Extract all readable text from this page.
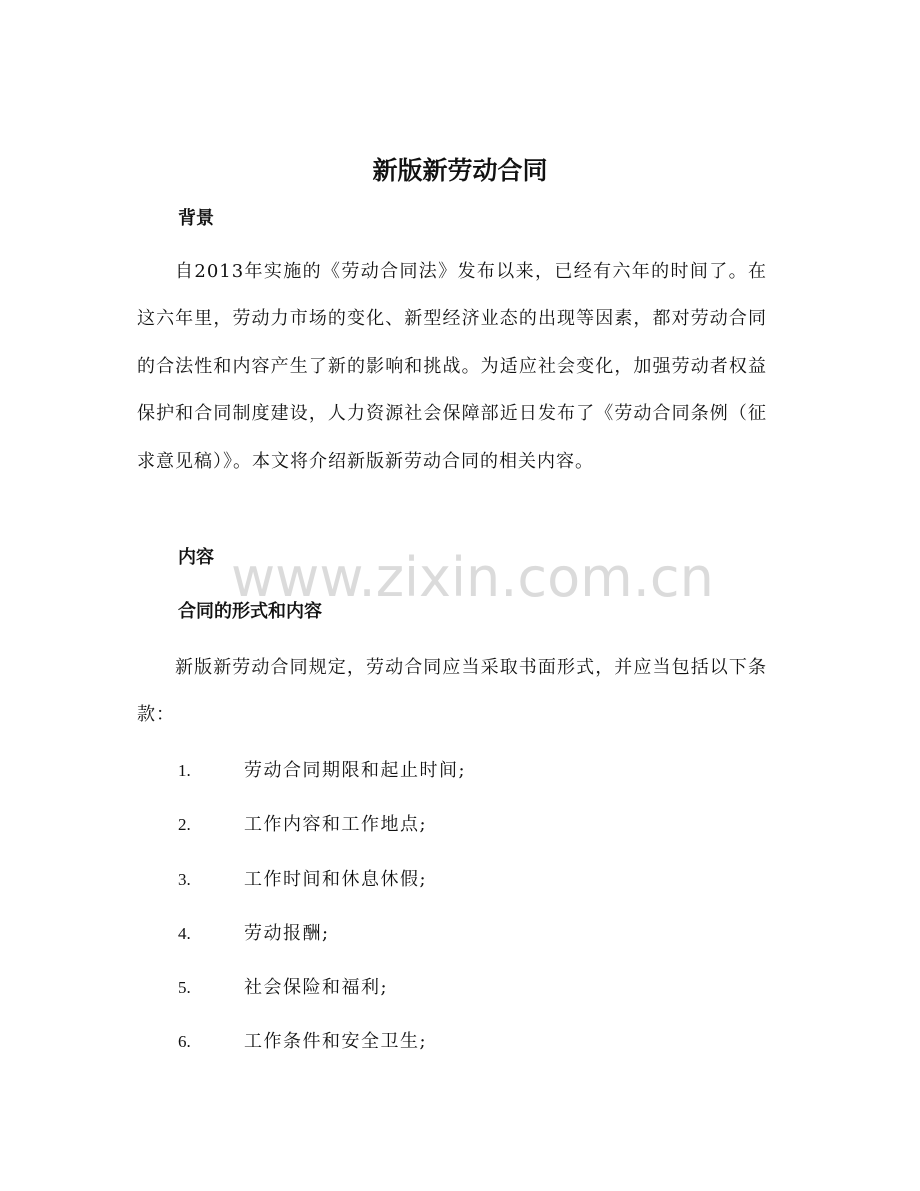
新版新劳动合同
背景

自2013年实施的《劳动合同法》发布以来，已经有六年的时间了。在这六年里，劳动力市场的变化、新型经济业态的出现等因素，都对劳动合同的合法性和内容产生了新的影响和挑战。为适应社会变化，加强劳动者权益保护和合同制度建设，人力资源社会保障部近日发布了《劳动合同条例（征求意见稿）》。本文将介绍新版新劳动合同的相关内容。

内容
合同的形式和内容

新版新劳动合同规定，劳动合同应当采取书面形式，并应当包括以下条款：

1.	劳动合同期限和起止时间;
2.	工作内容和工作地点;
3.	工作时间和休息休假;
4.	劳动报酬;
5.	社会保险和福利;
6.	工作条件和安全卫生;
www.zixin.com.cn
